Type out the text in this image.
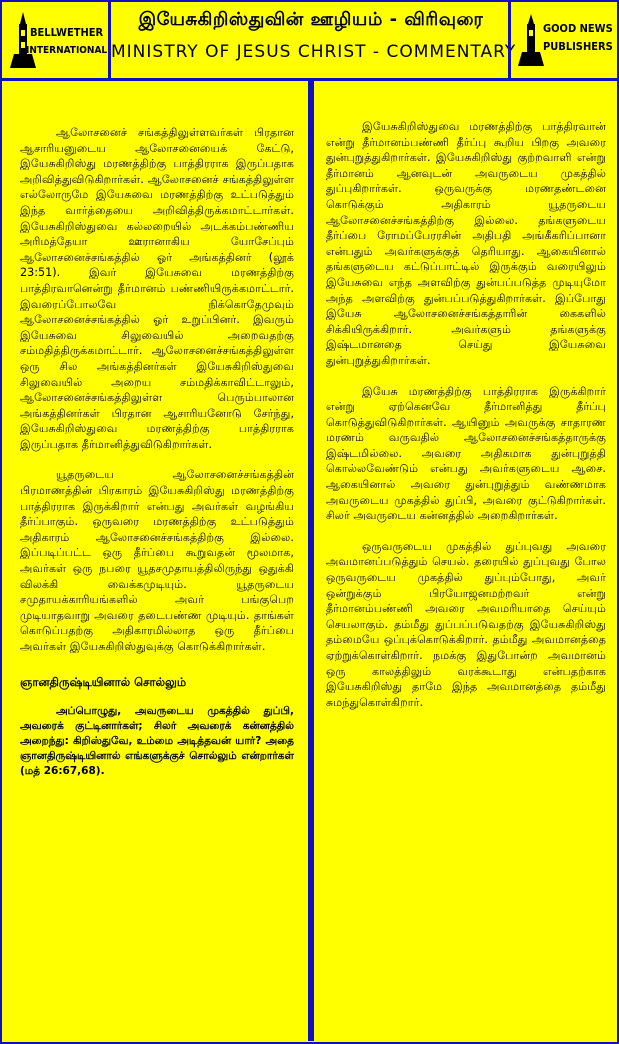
BELLWETHER
INTERNATIONAL
இயேசுகிறிஸ்துவின் ஊழியம் - விரிவுரை
MINISTRY OF JESUS CHRIST - COMMENTARY
GOOD NEWS
PUBLISHERS

ஆலோசனைச் சங்கத்திலுள்ளவர்கள் பிரதான ஆசாரியனுடைய ஆலோசனையைக் கேட்டு, இயேசுகிறிஸ்து மரணத்திற்கு பாத்திரராக இருப்பதாக அறிவித்துவிடுகிறார்கள். ஆலோசனைச் சங்கத்திலுள்ள எல்லோருமே இயேசுவை மரணத்திற்கு உட்படுத்தும் இந்த வார்த்தையை அறிவித்திருக்கமாட்டார்கள். இயேசுகிறிஸ்துவை கல்லறையில் அடக்கம்பண்ணிய அரிமத்தேயா ஊரானாகிய யோசேப்பும் ஆலோசனைச்சங்கத்தில் ஓர் அங்கத்தினர் (லூக் 23:51). இவர் இயேசுவை மரணத்திற்கு பாத்திரவானென்று தீர்மானம் பண்ணியிருக்கமாட்டார். இவரைப்போலவே நிக்கொதேமுவும் ஆலோசனைச்சங்கத்தில் ஓர் உறுப்பினர். இவரும் இயேசுவை சிலுவையில் அறைவதற்கு சம்மதித்திருக்கமாட்டார். ஆலோசனைச்சங்கத்திலுள்ள ஒரு சில அங்கத்தினர்கள் இயேசுகிறிஸ்துவை சிலுவையில் அறைய சம்மதிக்காவிட்டாலும், ஆலோசனைச்சங்கத்திலுள்ள பெரும்பாலான அங்கத்தினர்கள் பிரதான ஆசாரியனோடு சேர்ந்து, இயேசுகிறிஸ்துவை மரணத்திற்கு பாத்திரராக இருப்பதாக தீர்மானித்துவிடுகிறார்கள்.

யூதருடைய ஆலோசனைச்சங்கத்தின் பிரமாணத்தின் பிரகாரம் இயேசுகிறிஸ்து மரணத்திற்கு பாத்திரராக இருக்கிறார் என்பது அவர்கள் வழங்கிய தீர்ப்பாகும். ஒருவரை மரணத்திற்கு உட்படுத்தும் அதிகாரம் ஆலோசனைச்சங்கத்திற்கு இல்லை. இப்படிப்பட்ட ஒரு தீர்ப்பை கூறுவதன் மூலமாக, அவர்கள் ஒரு நபரை யூதசமுதாயத்திலிருந்து ஒதுக்கி விலக்கி வைக்கமுடியும். யூதருடைய சமுதாயக்காரியங்களில் அவர் பங்குபெற முடியாதவாறு அவரை தடைபண்ண முடியும். தாங்கள் கொடுப்பதற்கு அதிகாரமில்லாத ஒரு தீர்ப்பை அவர்கள் இயேசுகிறிஸ்துவுக்கு கொடுக்கிறார்கள்.

ஞானதிருஷ்டியினால் சொல்லும்

அப்பொழுது, அவருடைய முகத்தில் துப்பி, அவரைக் குட்டினார்கள்; சிலர் அவரைக் கன்னத்தில் அறைந்து: கிறிஸ்துவே, உம்மை அடித்தவன் யார்? அதை ஞானதிருஷ்டியினால் எங்களுக்குச் சொல்லும் என்றார்கள் (மத் 26:67,68).

இயேசுகிறிஸ்துவை மரணத்திற்கு பாத்திரவான் என்று தீர்மானம்பண்ணி தீர்ப்பு கூறிய பிறகு அவரை துன்புறுத்துகிறார்கள். இயேசுகிறிஸ்து குற்றவாளி என்று தீர்மானம் ஆனவுடன் அவருடைய முகத்தில் துப்புகிறார்கள். ஒருவருக்கு மரணதண்டனை கொடுக்கும் அதிகாரம் யூதருடைய ஆலோசனைச்சங்கத்திற்கு இல்லை. தங்களுடைய தீர்ப்பை ரோமப்பேரரசின் அதிபதி அங்கீகரிப்பானா என்பதும் அவர்களுக்குத் தெரியாது. ஆகையினால் தங்களுடைய கட்டுப்பாட்டில் இருக்கும் வரையிலும் இயேசுவை எந்த அளவிற்கு துன்பப்படுத்த முடியுமோ அந்த அளவிற்கு துன்பப்படுத்துகிறார்கள். இப்போது இயேசு ஆலோசனைச்சங்கத்தாரின் கைகளில் சிக்கியிருக்கிறார். அவர்களும் தங்களுக்கு இஷ்டமானதை செய்து இயேசுவை துன்புறுத்துகிறார்கள்.

இயேசு மரணத்திற்கு பாத்திரராக இருக்கிறார் என்று ஏற்கெனவே தீர்மானித்து தீர்ப்பு கொடுத்துவிடுகிறார்கள். ஆயினும் அவருக்கு சாதாரண மரணம் வருவதில் ஆலோசனைச்சங்கத்தாருக்கு இஷ்டமில்லை. அவரை அதிகமாக துன்புறுத்தி கொல்லவேண்டும் என்பது அவர்களுடைய ஆசை. ஆகையினால் அவரை துன்புறுத்தும் வண்ணமாக அவருடைய முகத்தில் துப்பி, அவரை குட்டுகிறார்கள். சிலர் அவருடைய கன்னத்தில் அறைகிறார்கள்.

ஒருவருடைய முகத்தில் துப்புவது அவரை அவமானப்படுத்தும் செயல். தரையில் துப்புவது போல ஒருவருடைய முகத்தில் துப்பும்போது, அவர் ஒன்றுக்கும் பிரயோஜனமற்றவர் என்று தீர்மானம்பண்ணி அவரை அவமரியாதை செய்யும் செயலாகும். தம்மீது துப்பப்படுவதற்கு இயேசுகிறிஸ்து தம்மையே ஒப்புக்கொடுக்கிறார். தம்மீது அவமானத்தை ஏற்றுக்கொள்கிறார். நமக்கு இதுபோன்ற அவமானம் ஒரு காலத்திலும் வரக்கூடாது என்பதற்காக இயேசுகிறிஸ்து தாமே இந்த அவமானத்தை தம்மீது சுமந்துகொள்கிறார்.
